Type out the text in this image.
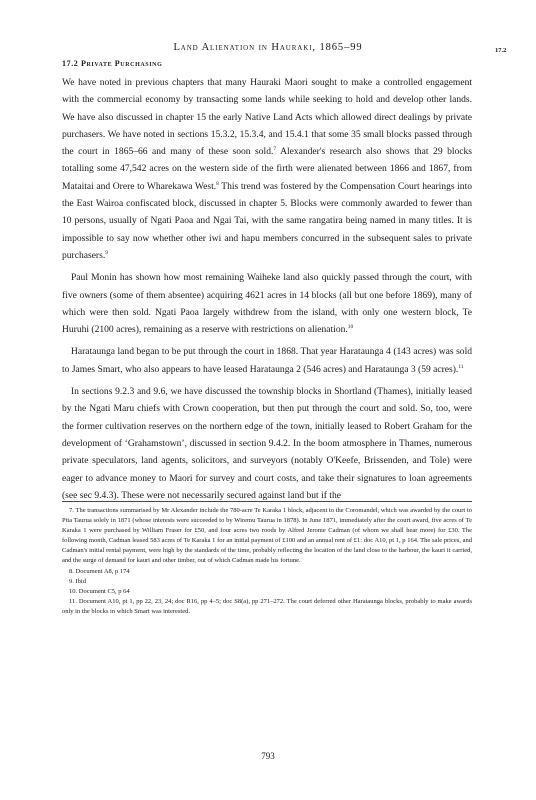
Land Alienation in Hauraki, 1865–99	17.2
17.2 Private Purchasing

We have noted in previous chapters that many Hauraki Maori sought to make a controlled engagement with the commercial economy by transacting some lands while seeking to hold and develop other lands. We have also discussed in chapter 15 the early Native Land Acts which allowed direct dealings by private purchasers. We have noted in sections 15.3.2, 15.3.4, and 15.4.1 that some 35 small blocks passed through the court in 1865–66 and many of these soon sold.$^7$ Alexander's research also shows that 29 blocks totalling some 47,542 acres on the western side of the firth were alienated between 1866 and 1867, from Mataitai and Orere to Wharekawa West.$^8$ This trend was fostered by the Compensation Court hearings into the East Wairoa confiscated block, discussed in chapter 5. Blocks were commonly awarded to fewer than 10 persons, usually of Ngati Paoa and Ngai Tai, with the same rangatira being named in many titles. It is impossible to say now whether other iwi and hapu members concurred in the subsequent sales to private purchasers.$^9$

Paul Monin has shown how most remaining Waiheke land also quickly passed through the court, with five owners (some of them absentee) acquiring 4621 acres in 14 blocks (all but one before 1869), many of which were then sold. Ngati Paoa largely withdrew from the island, with only one western block, Te Huruhi (2100 acres), remaining as a reserve with restrictions on alienation.$^{10}$

Harataunga land began to be put through the court in 1868. That year Harataunga 4 (143 acres) was sold to James Smart, who also appears to have leased Harataunga 2 (546 acres) and Harataunga 3 (59 acres).$^{11}$

In sections 9.2.3 and 9.6, we have discussed the township blocks in Shortland (Thames), initially leased by the Ngati Maru chiefs with Crown cooperation, but then put through the court and sold. So, too, were the former cultivation reserves on the northern edge of the town, initially leased to Robert Graham for the development of ‘Grahamstown’, discussed in section 9.4.2. In the boom atmosphere in Thames, numerous private speculators, land agents, solicitors, and surveyors (notably O'Keefe, Brissenden, and Tole) were eager to advance money to Maori for survey and court costs, and take their signatures to loan agreements (see sec 9.4.3). These were not necessarily secured against land but if the

7. The transactions summarised by Mr Alexander include the 780-acre Te Karaka 1 block, adjacent to the Coromandel, which was awarded by the court to Pita Taurua solely in 1871 (whose interests were succeeded to by Wiremu Taurua in 1878). In June 1871, immediately after the court award, five acres of Te Karaka 1 were purchased by William Fraser for £50, and four acres two roods by Alfred Jerome Cadman (of whom we shall hear more) for £30. The following month, Cadman leased 583 acres of Te Karaka 1 for an initial payment of £100 and an annual rent of £1: doc A10, pt 1, p 164. The sale prices, and Cadman's initial rental payment, were high by the standards of the time, probably reflecting the location of the land close to the harbour, the kauri it carried, and the surge of demand for kauri and other timber, out of which Cadman made his fortune.

8. Document A8, p 174

9. Ibid

10. Document C5, p 64

11. Document A10, pt 1, pp 22, 23, 24; doc R16, pp 4–5; doc S8(a), pp 271–272. The court deferred other Harataunga blocks, probably to make awards only in the blocks in which Smart was interested.

793
